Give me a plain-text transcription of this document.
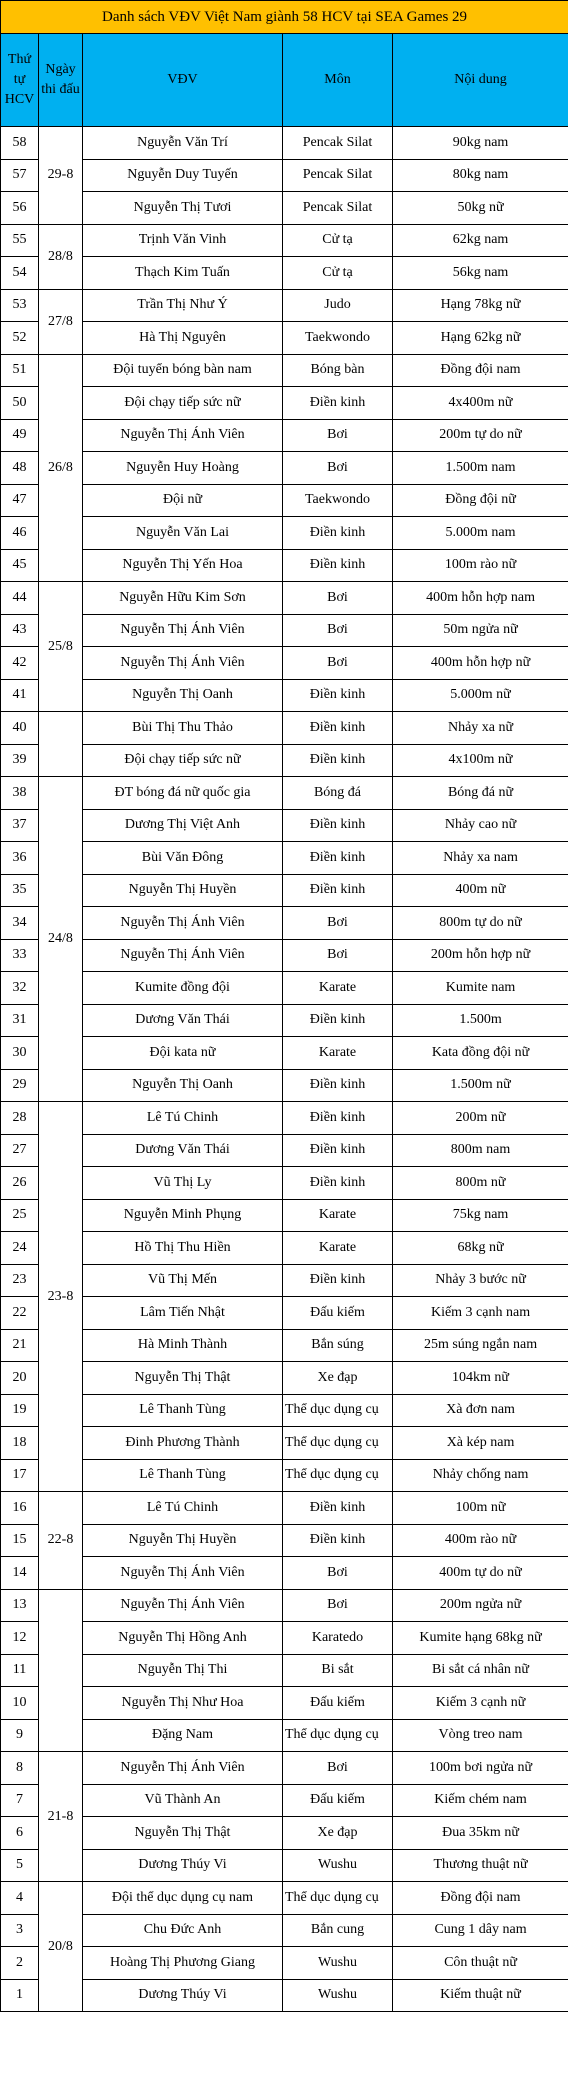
Danh sách VĐV Việt Nam giành 58 HCV tại SEA Games 29				
Thứ tự HCV	Ngày thi đấu	VĐV	Môn	Nội dung
58	29-8	Nguyễn Văn Trí	Pencak Silat	90kg nam
57		Nguyễn Duy Tuyến	Pencak Silat	80kg nam
56		Nguyễn Thị Tươi	Pencak Silat	50kg nữ
55	28/8	Trịnh Văn Vinh	Cử tạ	62kg nam
54		Thạch Kim Tuấn	Cử tạ	56kg nam
53	27/8	Trần Thị Như Ý	Judo	Hạng 78kg nữ
52		Hà Thị Nguyên	Taekwondo	Hạng 62kg nữ
51	26/8	Đội tuyển bóng bàn nam	Bóng bàn	Đồng đội nam
50		Đội chạy tiếp sức nữ	Điền kinh	4x400m nữ
49		Nguyễn Thị Ánh Viên	Bơi	200m tự do nữ
48		Nguyễn Huy Hoàng	Bơi	1.500m nam
47		Đội nữ	Taekwondo	Đồng đội nữ
46		Nguyễn Văn Lai	Điền kinh	5.000m nam
45		Nguyễn Thị Yến Hoa	Điền kinh	100m rào nữ
44	25/8	Nguyễn Hữu Kim Sơn	Bơi	400m hỗn hợp nam
43		Nguyễn Thị Ánh Viên	Bơi	50m ngửa nữ
42		Nguyễn Thị Ánh Viên	Bơi	400m hỗn hợp nữ
41		Nguyễn Thị Oanh	Điền kinh	5.000m nữ
40		Bùi Thị Thu Thảo	Điền kinh	Nhảy xa nữ
39		Đội chạy tiếp sức nữ	Điền kinh	4x100m nữ
38	24/8	ĐT bóng đá nữ quốc gia	Bóng đá	Bóng đá nữ
37		Dương Thị Việt Anh	Điền kinh	Nhảy cao nữ
36		Bùi Văn Đông	Điền kinh	Nhảy xa nam
35		Nguyễn Thị Huyền	Điền kinh	400m nữ
34		Nguyễn Thị Ánh Viên	Bơi	800m tự do nữ
33		Nguyễn Thị Ánh Viên	Bơi	200m hỗn hợp nữ
32		Kumite đồng đội	Karate	Kumite nam
31		Dương Văn Thái	Điền kinh	1.500m
30		Đội kata nữ	Karate	Kata đồng đội nữ
29		Nguyễn Thị Oanh	Điền kinh	1.500m nữ
28	23-8	Lê Tú Chinh	Điền kinh	200m nữ
27		Dương Văn Thái	Điền kinh	800m nam
26		Vũ Thị Ly	Điền kinh	800m nữ
25		Nguyễn Minh Phụng	Karate	75kg nam
24		Hồ Thị Thu Hiền	Karate	68kg nữ
23		Vũ Thị Mến	Điền kinh	Nhảy 3 bước nữ
22		Lâm Tiến Nhật	Đấu kiếm	Kiếm 3 cạnh nam
21		Hà Minh Thành	Bắn súng	25m súng ngắn nam
20		Nguyễn Thị Thật	Xe đạp	104km nữ
19		Lê Thanh Tùng	Thể dục dụng cụ	Xà đơn nam
18		Đinh Phương Thành	Thể dục dụng cụ	Xà kép nam
17		Lê Thanh Tùng	Thể dục dụng cụ	Nhảy chống nam
16	22-8	Lê Tú Chinh	Điền kinh	100m nữ
15		Nguyễn Thị Huyền	Điền kinh	400m rào nữ
14		Nguyễn Thị Ánh Viên	Bơi	400m tự do nữ
13		Nguyễn Thị Ánh Viên	Bơi	200m ngửa nữ
12		Nguyễn Thị Hồng Anh	Karatedo	Kumite hạng 68kg nữ
11		Nguyễn Thị Thi	Bi sắt	Bi sắt cá nhân nữ
10		Nguyễn Thị Như Hoa	Đấu kiếm	Kiếm 3 cạnh nữ
9		Đặng Nam	Thể dục dụng cụ	Vòng treo nam
8	21-8	Nguyễn Thị Ánh Viên	Bơi	100m bơi ngửa nữ
7		Vũ Thành An	Đấu kiếm	Kiếm chém nam
6		Nguyễn Thị Thật	Xe đạp	Đua 35km nữ
5		Dương Thúy Vi	Wushu	Thương thuật nữ
4	20/8	Đội thể dục dụng cụ nam	Thể dục dụng cụ	Đồng đội nam
3		Chu Đức Anh	Bắn cung	Cung 1 dây nam
2		Hoàng Thị Phương Giang	Wushu	Côn thuật nữ
1		Dương Thúy Vi	Wushu	Kiếm thuật nữ
